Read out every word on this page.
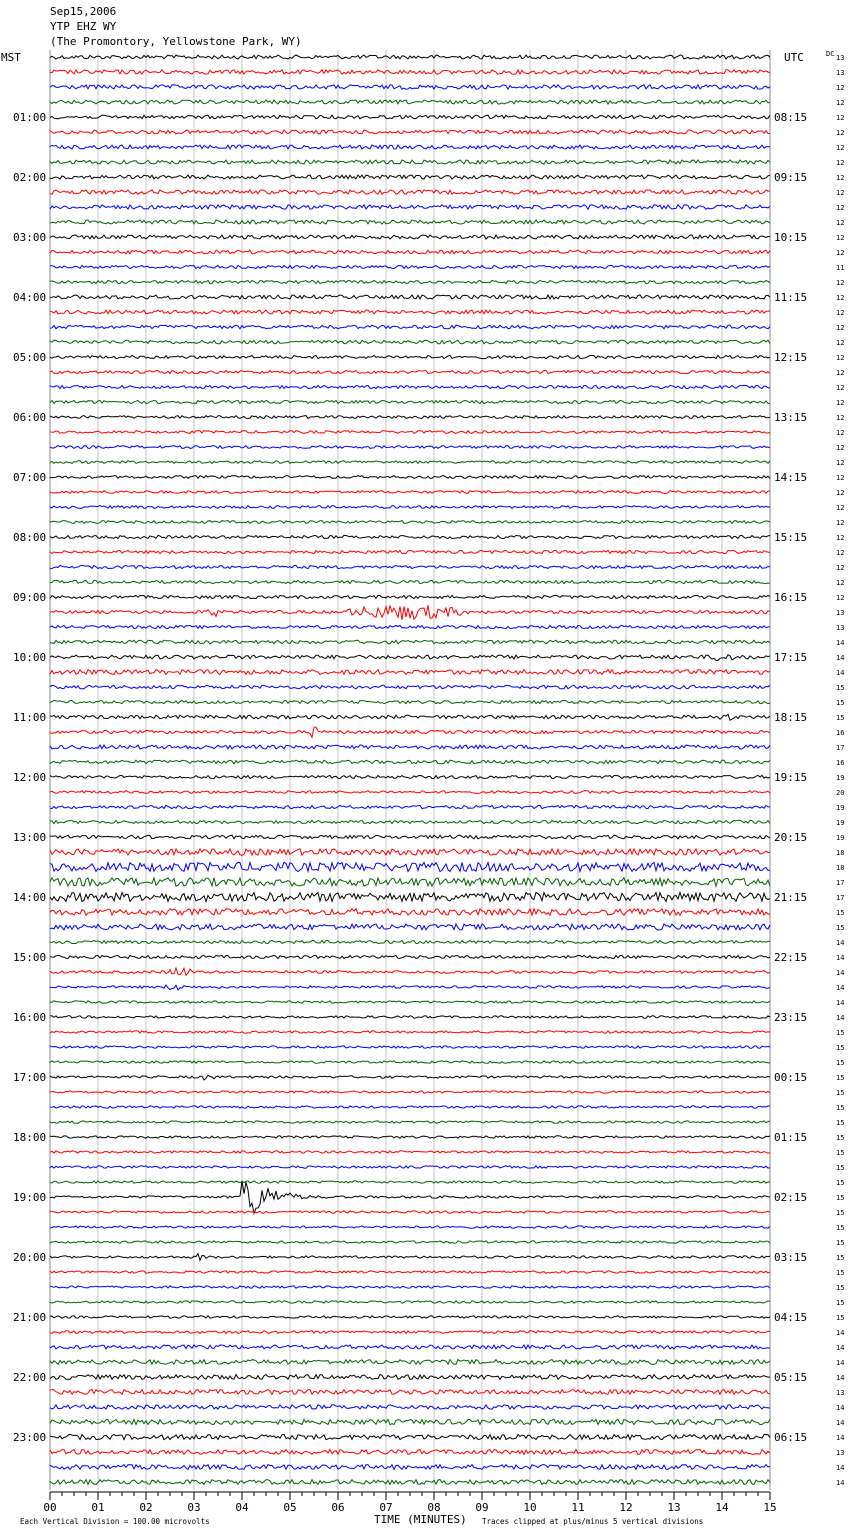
01:00	08:15
02:00	09:15
03:00	10:15
04:00	11:15
05:00	12:15
06:00	13:15
07:00	14:15
08:00	15:15
09:00	16:15
10:00	17:15
11:00	18:15
12:00	19:15
13:00	20:15
14:00	21:15
15:00	22:15
16:00	23:15
17:00	00:15
18:00	01:15
19:00	02:15
20:00	03:15
21:00	04:15
22:00	05:15
23:00	06:15
13
13
12
12
12
12
12
12
12
12
12
12
12
12
11
12
12
12
12
12
12
12
12
12
12
12
12
12
12
12
12
12
12
12
12
12
12
13
13
14
14
14
15
15
15
16
17
16
19
20
19
19
19
18
18
17
17
15
15
14
14
14
14
14
14
15
15
15
15
15
15
15
15
15
15
15
15
15
15
15
15
15
15
15
15
14
14
14
14
13
14
14
14
13
14
14
00	01	02	03	04	05	06	07	08	09	10	11	12	13	14	15
Sep15,2006
YTP EHZ WY
(The Promontory, Yellowstone Park, WY)
MST	UTC	DC
Each Vertical Division = 100.00 microvolts	TIME (MINUTES) Traces clipped at plus/minus 5 vertical divisions
